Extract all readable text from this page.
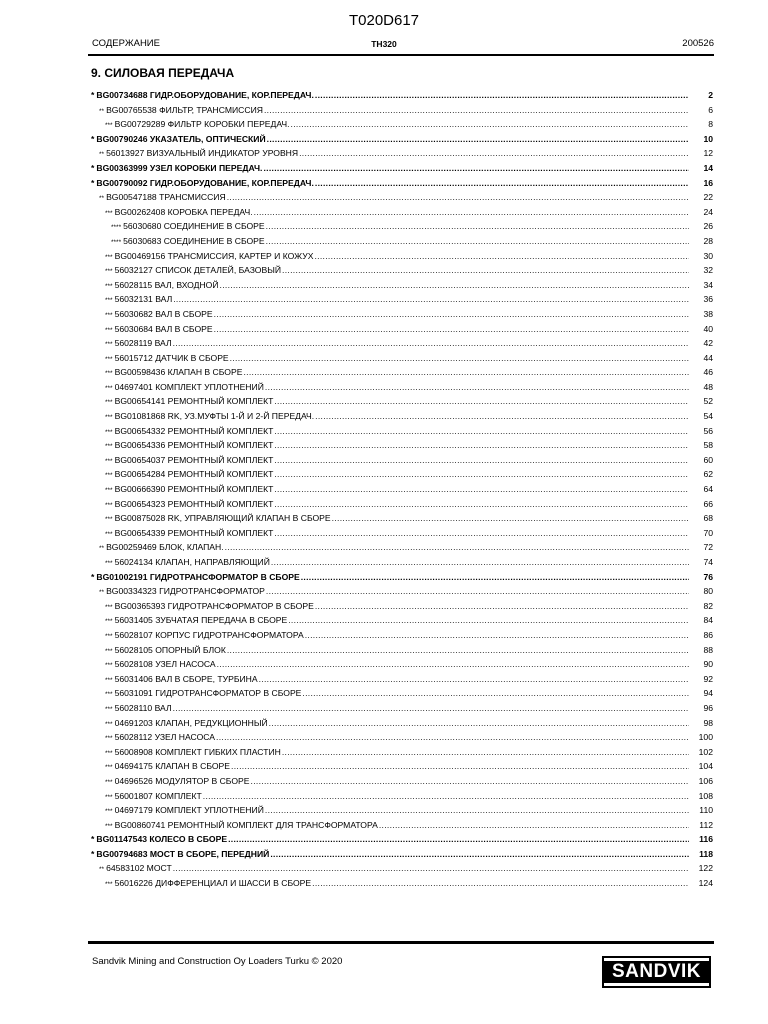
T020D617
СОДЕРЖАНИЕ	TH320	200526
9. СИЛОВАЯ ПЕРЕДАЧА
* BG00734688 ГИДР.ОБОРУДОВАНИЕ, КОР.ПЕРЕДАЧ. .....	2
** BG00765538 ФИЛЬТР, ТРАНСМИССИЯ .....	6
*** BG00729289 ФИЛЬТР КОРОБКИ ПЕРЕДАЧ. .....	8
* BG00790246 УКАЗАТЕЛЬ, ОПТИЧЕСКИЙ .....	10
** 56013927 ВИЗУАЛЬНЫЙ ИНДИКАТОР УРОВНЯ .....	12
* BG00363999 УЗЕЛ КОРОБКИ ПЕРЕДАЧ. .....	14
* BG00790092 ГИДР.ОБОРУДОВАНИЕ, КОР.ПЕРЕДАЧ. .....	16
** BG00547188 ТРАНСМИССИЯ .....	22
*** BG00262408 КОРОБКА ПЕРЕДАЧ. .....	24
**** 56030680 СОЕДИНЕНИЕ В СБОРЕ .....	26
**** 56030683 СОЕДИНЕНИЕ В СБОРЕ .....	28
*** BG00469156 ТРАНСМИССИЯ, КАРТЕР И КОЖУХ .....	30
*** 56032127 СПИСОК ДЕТАЛЕЙ, БАЗОВЫЙ .....	32
*** 56028115 ВАЛ, ВХОДНОЙ .....	34
*** 56032131 ВАЛ .....	36
*** 56030682 ВАЛ В СБОРЕ .....	38
*** 56030684 ВАЛ В СБОРЕ .....	40
*** 56028119 ВАЛ .....	42
*** 56015712 ДАТЧИК В СБОРЕ .....	44
*** BG00598436 КЛАПАН В СБОРЕ .....	46
*** 04697401 КОМПЛЕКТ УПЛОТНЕНИЙ .....	48
*** BG00654141 РЕМОНТНЫЙ КОМПЛЕКТ .....	52
*** BG01081868 RK, УЗ.МУФТЫ 1-Й И 2-Й ПЕРЕДАЧ. .....	54
*** BG00654332 РЕМОНТНЫЙ КОМПЛЕКТ .....	56
*** BG00654336 РЕМОНТНЫЙ КОМПЛЕКТ .....	58
*** BG00654037 РЕМОНТНЫЙ КОМПЛЕКТ .....	60
*** BG00654284 РЕМОНТНЫЙ КОМПЛЕКТ .....	62
*** BG00666390 РЕМОНТНЫЙ КОМПЛЕКТ .....	64
*** BG00654323 РЕМОНТНЫЙ КОМПЛЕКТ .....	66
*** BG00875028 RK, УПРАВЛЯЮЩИЙ КЛАПАН В СБОРЕ .....	68
*** BG00654339 РЕМОНТНЫЙ КОМПЛЕКТ .....	70
** BG00259469 БЛОК, КЛАПАН. .....	72
*** 56024134 КЛАПАН, НАПРАВЛЯЮЩИЙ .....	74
* BG01002191 ГИДРОТРАНСФОРМАТОР В СБОРЕ .....	76
** BG00334323 ГИДРОТРАНСФОРМАТОР .....	80
*** BG00365393 ГИДРОТРАНСФОРМАТОР В СБОРЕ .....	82
*** 56031405 ЗУБЧАТАЯ ПЕРЕДАЧА В СБОРЕ .....	84
*** 56028107 КОРПУС ГИДРОТРАНСФОРМАТОРА .....	86
*** 56028105 ОПОРНЫЙ БЛОК .....	88
*** 56028108 УЗЕЛ НАСОСА .....	90
*** 56031406 ВАЛ В СБОРЕ, ТУРБИНА .....	92
*** 56031091 ГИДРОТРАНСФОРМАТОР В СБОРЕ .....	94
*** 56028110 ВАЛ .....	96
*** 04691203 КЛАПАН, РЕДУКЦИОННЫЙ .....	98
*** 56028112 УЗЕЛ НАСОСА .....	100
*** 56008908 КОМПЛЕКТ ГИБКИХ ПЛАСТИН .....	102
*** 04694175 КЛАПАН В СБОРЕ .....	104
*** 04696526 МОДУЛЯТОР В СБОРЕ .....	106
*** 56001807 КОМПЛЕКТ .....	108
*** 04697179 КОМПЛЕКТ УПЛОТНЕНИЙ .....	110
*** BG00860741 РЕМОНТНЫЙ КОМПЛЕКТ ДЛЯ ТРАНСФОРМАТОРА .....	112
* BG01147543 КОЛЕСО В СБОРЕ .....	116
* BG00794683 МОСТ В СБОРЕ, ПЕРЕДНИЙ .....	118
** 64583102 МОСТ .....	122
*** 56016226 ДИФФЕРЕНЦИАЛ И ШАССИ В СБОРЕ .....	124
Sandvik Mining and Construction Oy Loaders Turku © 2020	SANDVIK
